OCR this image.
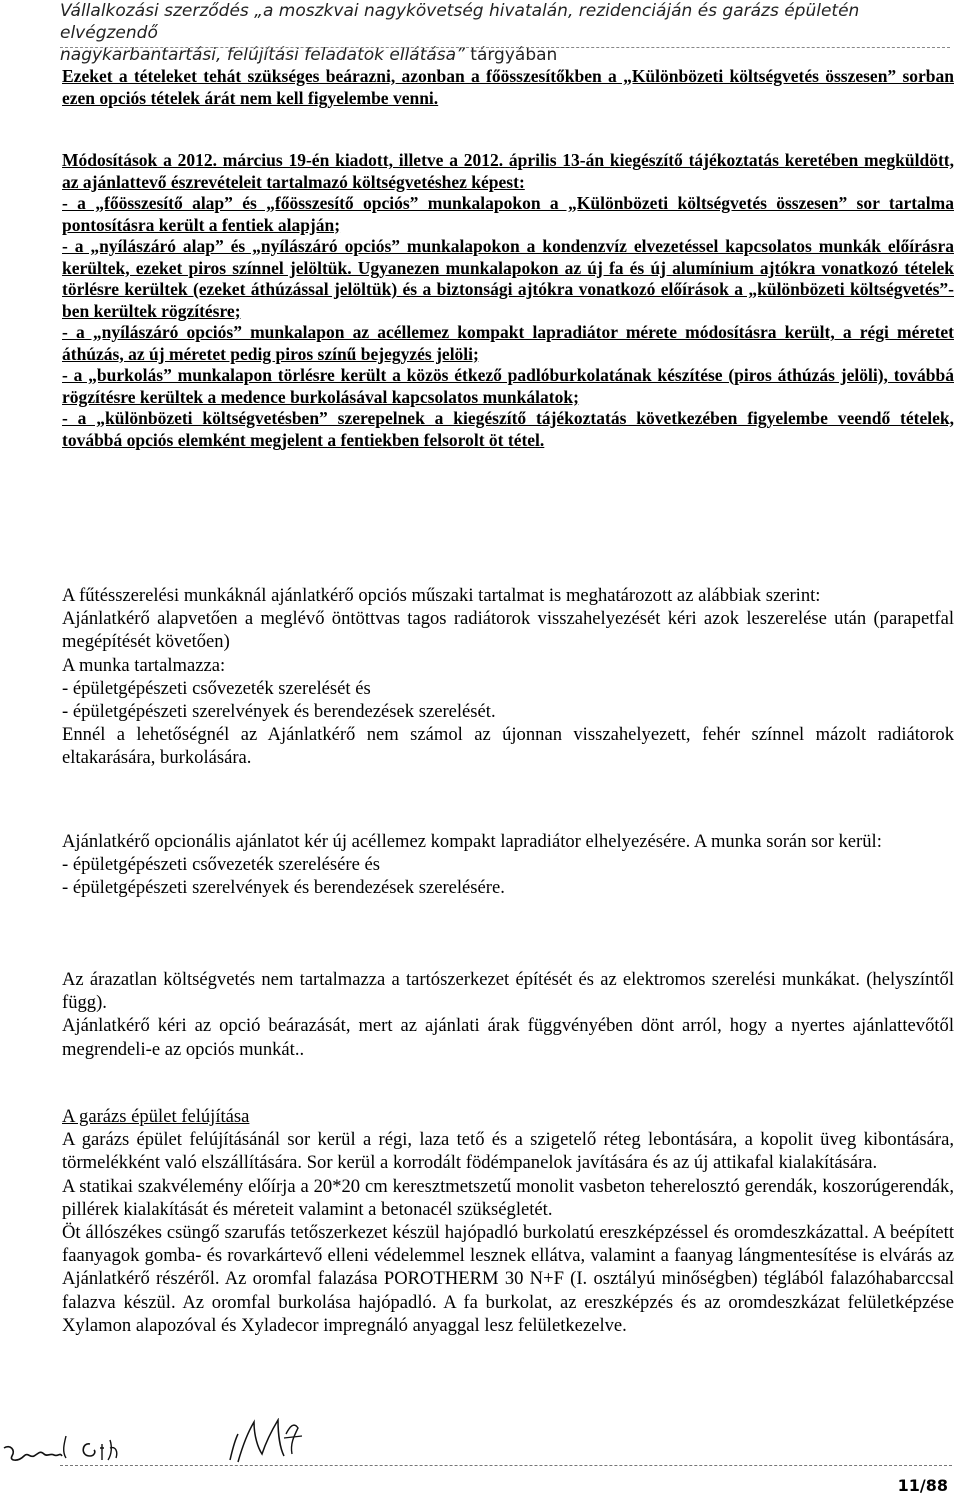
Vállalkozási szerződés „a moszkvai nagykövetség hivatalán, rezidenciáján és garázs épületén elvégzendő
nagykarbantartási, felújítási feladatok ellátása” tárgyában
Ezeket a tételeket tehát szükséges beárazni, azonban a főösszesítőkben a „Különbözeti költségvetés összesen” sorban ezen opciós tételek árát nem kell figyelembe venni.
Módosítások a 2012. március 19-én kiadott, illetve a 2012. április 13-án kiegészítő tájékoztatás keretében megküldött, az ajánlattevő észrevételeit tartalmazó költségvetéshez képest:
- a „főösszesítő alap” és „főösszesítő opciós” munkalapokon a „Különbözeti költségvetés összesen” sor tartalma pontosításra került a fentiek alapján;
- a „nyílászáró alap” és „nyílászáró opciós” munkalapokon a kondenzvíz elvezetéssel kapcsolatos munkák előírásra kerültek, ezeket piros színnel jelöltük. Ugyanezen munkalapokon az új fa és új alumínium ajtókra vonatkozó tételek törlésre kerültek (ezeket áthúzással jelöltük) és a biztonsági ajtókra vonatkozó előírások a „különbözeti költségvetés”-ben kerültek rögzítésre;
- a „nyílászáró opciós” munkalapon az acéllemez kompakt lapradiátor mérete módosításra került, a régi méretet áthúzás, az új méretet pedig piros színű bejegyzés jelöli;
- a „burkolás” munkalapon törlésre került a közös étkező padlóburkolatának készítése (piros áthúzás jelöli), továbbá rögzítésre kerültek a medence burkolásával kapcsolatos munkálatok;
- a „különbözeti költségvetésben” szerepelnek a kiegészítő tájékoztatás következében figyelembe veendő tételek, továbbá opciós elemként megjelent a fentiekben felsorolt öt tétel.

A fűtésszerelési munkáknál ajánlatkérő opciós műszaki tartalmat is meghatározott az alábbiak szerint:

Ajánlatkérő alapvetően a meglévő öntöttvas tagos radiátorok visszahelyezését kéri azok leszerelése után (parapetfal megépítését követően)

A munka tartalmazza:

- épületgépészeti csővezeték szerelését és

- épületgépészeti szerelvények és berendezések szerelését.

Ennél a lehetőségnél az Ajánlatkérő nem számol az újonnan visszahelyezett, fehér színnel mázolt radiátorok eltakarására, burkolására.

Ajánlatkérő opcionális ajánlatot kér új acéllemez kompakt lapradiátor elhelyezésére. A munka során sor kerül:

- épületgépészeti csővezeték szerelésére és

- épületgépészeti szerelvények és berendezések szerelésére.

Az árazatlan költségvetés nem tartalmazza a tartószerkezet építését és az elektromos szerelési munkákat. (helyszíntől függ).

Ajánlatkérő kéri az opció beárazását, mert az ajánlati árak függvényében dönt arról, hogy a nyertes ajánlattevőtől megrendeli-e az opciós munkát..

A garázs épület felújítása

A garázs épület felújításánál sor kerül a régi, laza tető és a szigetelő réteg lebontására, a kopolit üveg kibontására, törmelékként való elszállítására. Sor kerül a korrodált födémpanelok javítására és az új attikafal kialakítására.

A statikai szakvélemény előírja a 20*20 cm keresztmetszetű monolit vasbeton teherelosztó gerendák, koszorúgerendák, pillérek kialakítását és méreteit valamint a betonacél szükségletét.

Öt állószékes csüngő szarufás tetőszerkezet készül hajópadló burkolatú ereszképzéssel és oromdeszkázattal. A beépített faanyagok gomba- és rovarkártevő elleni védelemmel lesznek ellátva, valamint a faanyag lángmentesítése is elvárás az Ajánlatkérő részéről. Az oromfal falazása POROTHERM 30 N+F (I. osztályú minőségben) téglából falazóhabarccsal falazva készül. Az oromfal burkolása hajópadló. A fa burkolat, az ereszképzés és az oromdeszkázat felületképzése Xylamon alapozóval és Xyladecor impregnáló anyaggal lesz felületkezelve.

11/88
